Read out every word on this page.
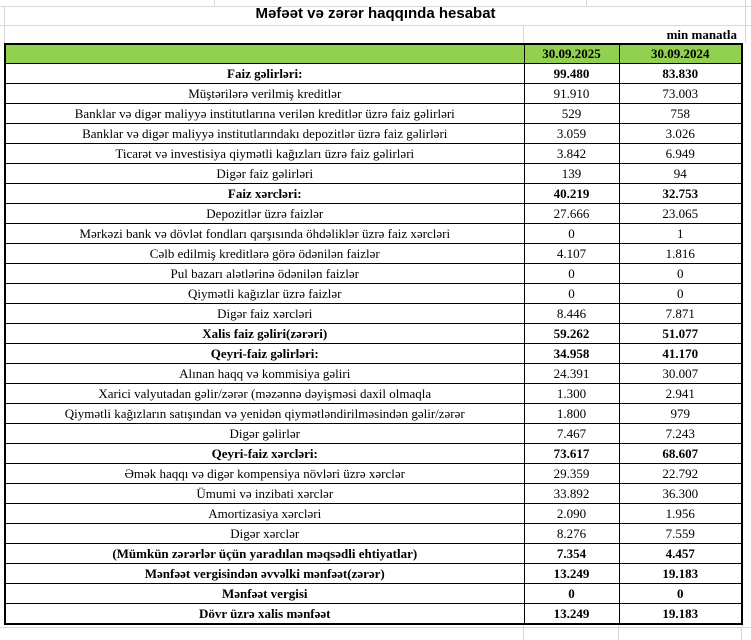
Məfəət və zərər haqqında hesabat
min manatla
	30.09.2025	30.09.2024
Faiz gəlirləri:	99.480	83.830
Müştərilərə verilmiş kreditlər	91.910	73.003
Banklar və digər maliyyə institutlarına verilən kreditlər üzrə faiz gəlirləri	529	758
Banklar və digər maliyyə institutlarındakı depozitlər üzrə faiz gəlirləri	3.059	3.026
Ticarət və investisiya qiymətli kağızları üzrə faiz gəlirləri	3.842	6.949
Digər faiz gəlirləri	139	94
Faiz xərcləri:	40.219	32.753
Depozitlər üzrə faizlər	27.666	23.065
Mərkəzi bank və dövlət fondları qarşısında öhdəliklər üzrə faiz xərcləri	0	1
Cəlb edilmiş kreditlərə görə ödənilən faizlər	4.107	1.816
Pul bazarı alətlərinə ödənilən faizlər	0	0
Qiymətli kağızlar üzrə faizlər	0	0
Digər faiz xərcləri	8.446	7.871
Xalis faiz gəliri(zərəri)	59.262	51.077
Qeyri-faiz gəlirləri:	34.958	41.170
Alınan haqq və kommisiya gəliri	24.391	30.007
Xarici valyutadan gəlir/zərər (məzənnə dəyişməsi daxil olmaqla	1.300	2.941
Qiymətli kağızların satışından və yenidən qiymətləndirilməsindən gəlir/zərər	1.800	979
Digər gəlirlər	7.467	7.243
Qeyri-faiz xərcləri:	73.617	68.607
Əmək haqqı və digər kompensiya növləri üzrə xərclər	29.359	22.792
Ümumi və inzibati xərclər	33.892	36.300
Amortizasiya xərcləri	2.090	1.956
Digər xərclər	8.276	7.559
(Mümkün zərərlər üçün yaradılan məqsədli ehtiyatlar)	7.354	4.457
Mənfəət vergisindən əvvəlki mənfəət(zərər)	13.249	19.183
Mənfəət vergisi	0	0
Dövr üzrə xalis mənfəət	13.249	19.183
